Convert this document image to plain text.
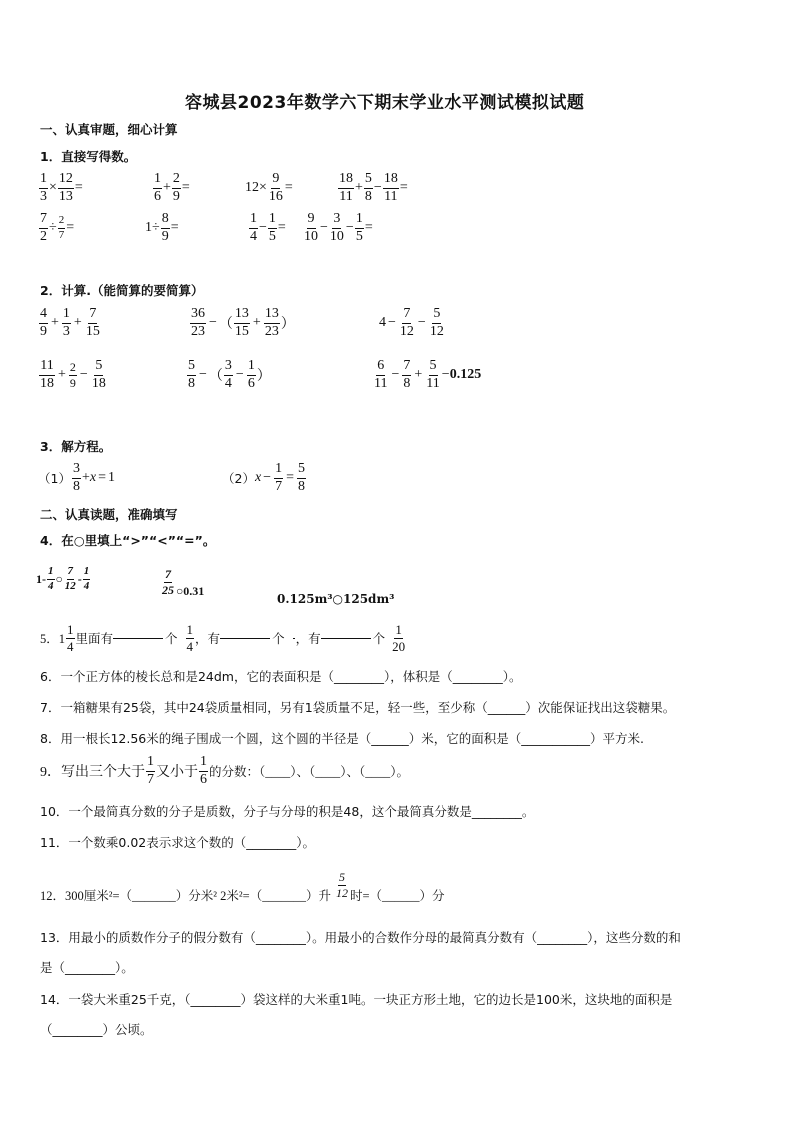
容城县2023年数学六下期末学业水平测试模拟试题
一、认真审题，细心计算
1．直接写得数。
$\frac{1}{3} \times \frac{12}{13}$ =
1
6
+ $\frac{2}{9}$ =	$12 \times \frac{9}{16}$ =
18
11
+ $\frac{5}{8} - \frac{18}{11}$ =
$\frac{7}{2} \div \frac{2}{7}$ =	$1 \div \frac{8}{9}$ =
1
4
− $\frac{1}{5}$ =
9
10
− $\frac{3}{10} - \frac{1}{5}$ =
2．计算.（能简算的要简算）
4
9
+ $\frac{1}{3} + \frac{7}{15}$	36
23
− （
13
15
+ $\frac{13}{23}$ ）	$4 - \frac{7}{12} - \frac{5}{12}$
11
18
+ $\frac{2}{9} - \frac{5}{18}$	5
8
− （
3
4
− $\frac{1}{6}$ ）
6
11
− $\frac{7}{8} + \frac{5}{11} - 0.125$
3．解方程。
（1）
3
8
+ x = 1	（2） $x - \frac{1}{7} = \frac{5}{8}$
二、认真读题，准确填写
4．在○里填上“>”“<”“=”。
1 -
1
4 ○
7
12 -
1
4
7
25 ○0.31
0.125m³○125dm³
5．1
1
4 里面有	个
1
4 ，有	个 ，有	个
1
20
6．一个正方体的棱长总和是24dm，它的表面积是（________），体积是（________）。
7．一箱糖果有25袋，其中24袋质量相同，另有1袋质量不足，轻一些，至少称（______）次能保证找出这袋糖果。
8．用一根长12.56米的绳子围成一个圆，这个圆的半径是（______）米，它的面积是（___________）平方米.
9．写出三个大于
1
7 又小于
1
6 的分数：（____）、（____）、（____）。
10．一个最简真分数的分子是质数，分子与分母的积是48，这个最简真分数是________。
11．一个数乘0.02表示求这个数的（________）。
12．300厘米²=（_______）分米² 2米²=（_______）升
5
12 时=（______）分
13．用最小的质数作分子的假分数有（________）。用最小的合数作分母的最简真分数有（________），这些分数的和
是（________）。
14．一袋大米重25千克，（________）袋这样的大米重1吨。一块正方形土地，它的边长是100米，这块地的面积是
（________）公顷。
